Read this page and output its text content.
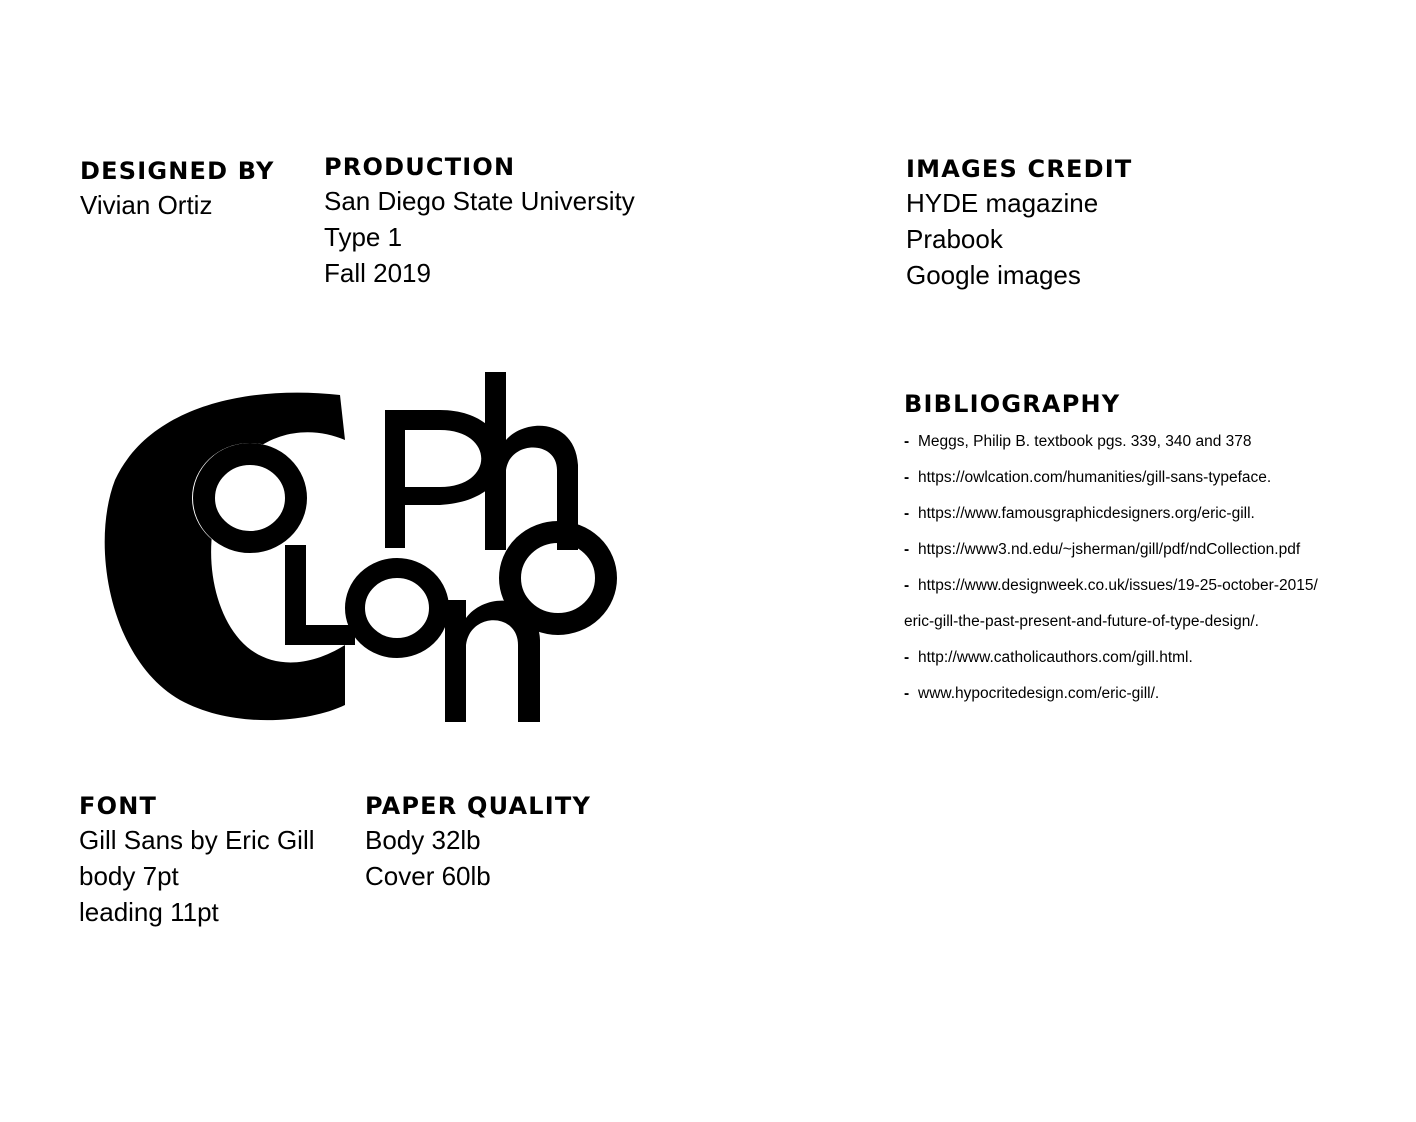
DESIGNED BY
Vivian Ortiz
PRODUCTION
San Diego State University
Type 1
Fall 2019
IMAGES CREDIT
HYDE magazine
Prabook
Google images
BIBLIOGRAPHY
- Meggs, Philip B. textbook pgs. 339, 340 and 378
- https://owlcation.com/humanities/gill-sans-typeface.
- https://www.famousgraphicdesigners.org/eric-gill.
- https://www3.nd.edu/~jsherman/gill/pdf/ndCollection.pdf
- https://www.designweek.co.uk/issues/19-25-october-2015/
eric-gill-the-past-present-and-future-of-type-design/.
- http://www.catholicauthors.com/gill.html.
- www.hypocritedesign.com/eric-gill/.
FONT
Gill Sans by Eric Gill
body 7pt
leading 11pt
PAPER QUALITY
Body 32lb
Cover 60lb
